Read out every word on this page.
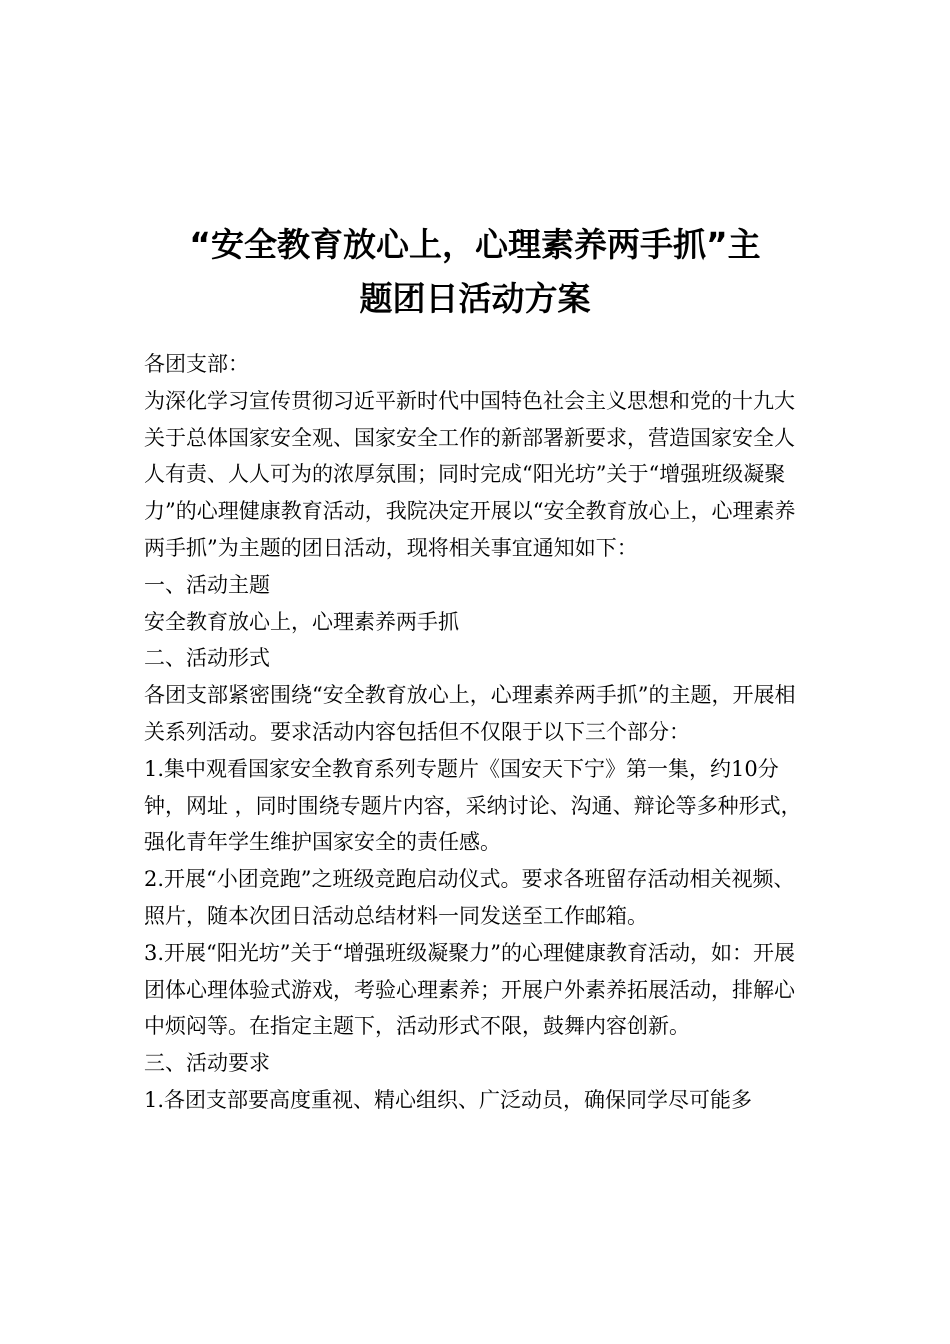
“安全教育放心上，心理素养两手抓”主
题团日活动方案

各团支部：

为深化学习宣传贯彻习近平新时代中国特色社会主义思想和党的十九大关于总体国家安全观、国家安全工作的新部署新要求，营造国家安全人人有责、人人可为的浓厚氛围；同时完成“阳光坊”关于“增强班级凝聚力”的心理健康教育活动，我院决定开展以“安全教育放心上，心理素养两手抓”为主题的团日活动，现将相关事宜通知如下：

一、活动主题

安全教育放心上，心理素养两手抓

二、活动形式

各团支部紧密围绕“安全教育放心上，心理素养两手抓”的主题，开展相关系列活动。要求活动内容包括但不仅限于以下三个部分：

1.集中观看国家安全教育系列专题片《国安天下宁》第一集，约10分钟，网址 ，同时围绕专题片内容，采纳讨论、沟通、辩论等多种形式，强化青年学生维护国家安全的责任感。

2.开展“小团竞跑”之班级竞跑启动仪式。要求各班留存活动相关视频、照片，随本次团日活动总结材料一同发送至工作邮箱。

3.开展“阳光坊”关于“增强班级凝聚力”的心理健康教育活动，如：开展团体心理体验式游戏，考验心理素养；开展户外素养拓展活动，排解心中烦闷等。在指定主题下，活动形式不限，鼓舞内容创新。

三、活动要求

1.各团支部要高度重视、精心组织、广泛动员，确保同学尽可能多
